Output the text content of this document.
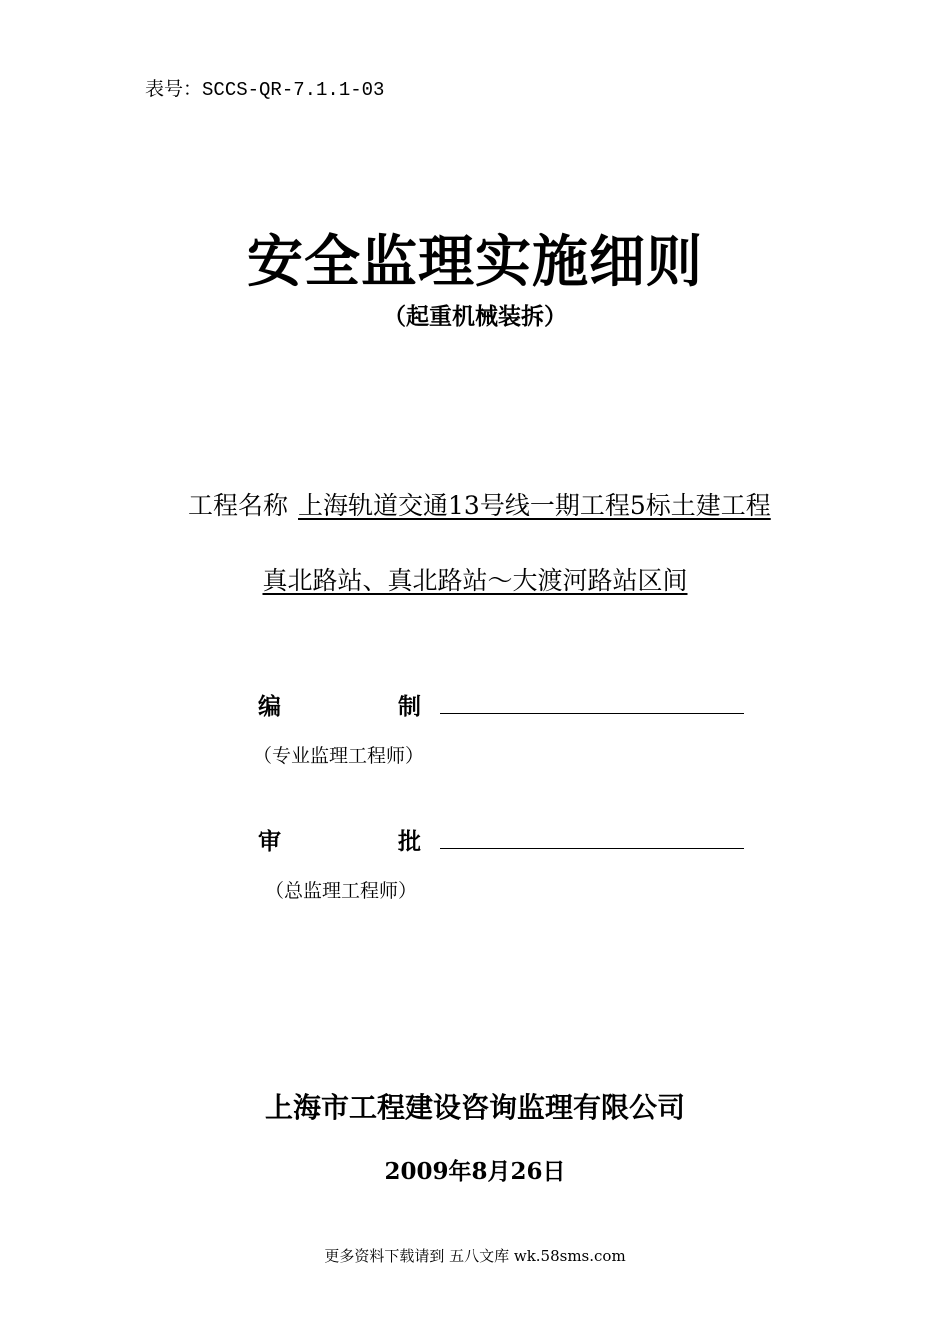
表号：SCCS-QR-7.1.1-03
安全监理实施细则
（起重机械装拆）
工程名称 上海轨道交通13号线一期工程5标土建工程
真北路站、真北路站～大渡河路站区间
编	制
（专业监理工程师）
审	批
（总监理工程师）
上海市工程建设咨询监理有限公司
2009年8月26日
更多资料下载请到 五八文库 wk.58sms.com
